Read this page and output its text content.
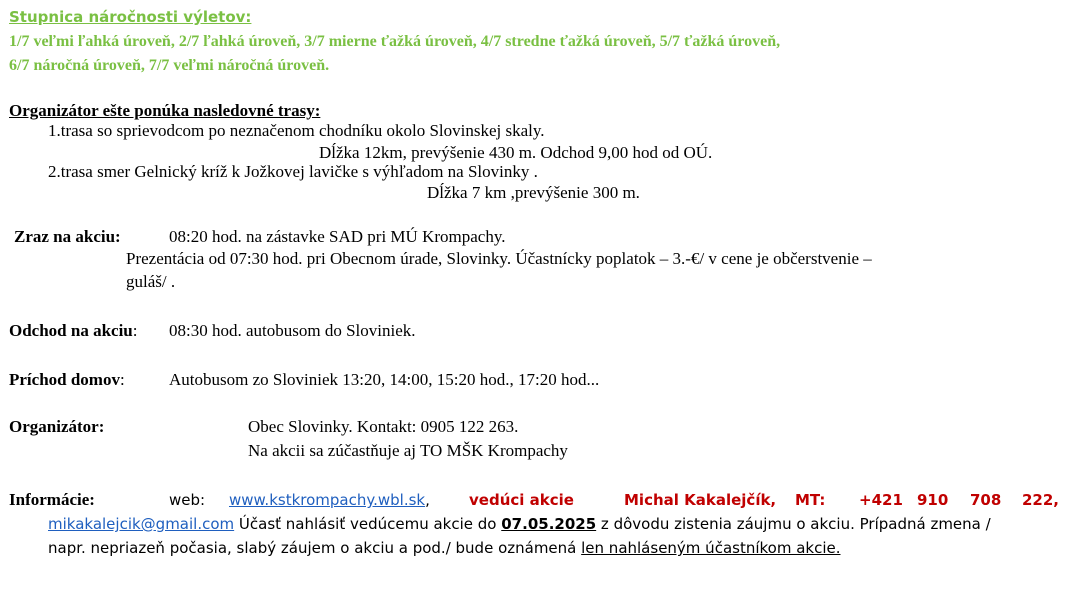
Stupnica náročnosti výletov:
1/7 veľmi ľahká úroveň, 2/7 ľahká úroveň, 3/7 mierne ťažká úroveň, 4/7 stredne ťažká úroveň, 5/7 ťažká úroveň,
6/7 náročná úroveň, 7/7 veľmi náročná úroveň.
Organizátor ešte ponúka nasledovné trasy:
1.trasa so sprievodcom po neznačenom chodníku okolo Slovinskej skaly.
Dĺžka 12km, prevýšenie 430 m. Odchod 9,00 hod od OÚ.
2.trasa smer Gelnický kríž k Jožkovej lavičke s výhľadom na Slovinky .
Dĺžka 7 km ,prevýšenie 300 m.
Zraz na akciu:	08:20 hod. na zástavke SAD pri MÚ Krompachy.
Prezentácia od 07:30 hod. pri Obecnom úrade, Slovinky. Účastnícky poplatok – 3.-€/ v cene je občerstvenie –
guláš/ .
Odchod na akciu: 08:30 hod. autobusom do Sloviniek.
Príchod domov:	Autobusom zo Sloviniek 13:20, 14:00, 15:20 hod., 17:20 hod...
Organizátor:	Obec Slovinky. Kontakt: 0905 122 263.
Na akcii sa zúčastňuje aj TO MŠK Krompachy
Informácie:	web: www.kstkrompachy.wbl.sk,	vedúci akcie	Michal Kakalejčík, MT: +421 910 708 222,
mikakalejcik@gmail.com Účasť nahlásiť vedúcemu akcie do 07.05.2025 z dôvodu zistenia záujmu o akciu. Prípadná zmena /
napr. nepriazeň počasia, slabý záujem o akciu a pod./ bude oznámená len nahláseným účastníkom akcie.
